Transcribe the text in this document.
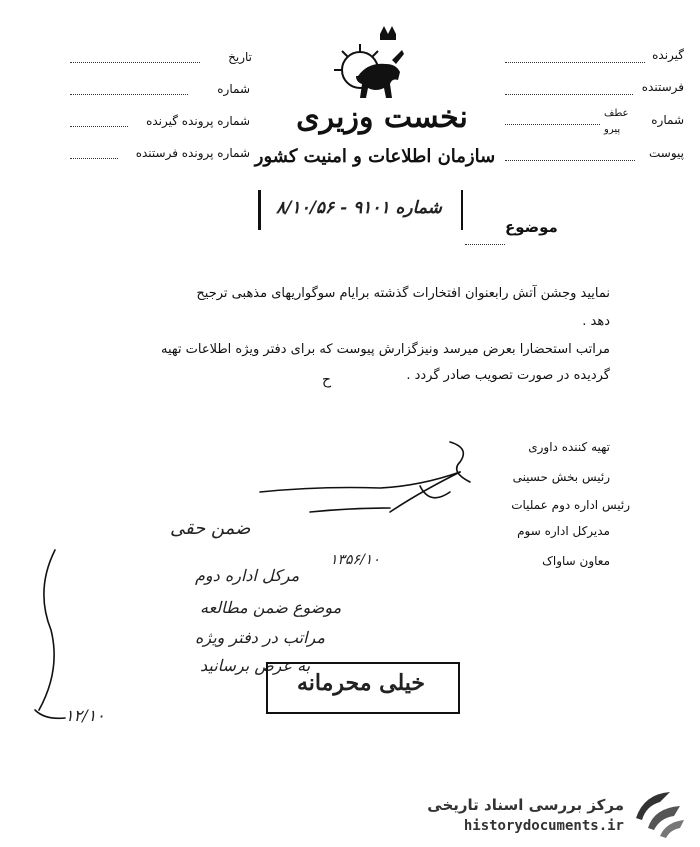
نخست وزیری
سازمان اطلاعات و امنیت کشور
گیرنده
فرستنده
شماره
عطف
پیرو
پیوست
تاریخ
شماره
شماره پرونده گیرنده
شماره پرونده فرستنده
شماره ۹۱۰۱ - ۸/۱۰/۵۶
موضوع
نمایید وجشن آتش رابعنوان افتخارات گذشته برایام سوگواریهای مذهبی ترجیح
دهد .
مراتب استحضارا بعرض میرسد ونیزگزارش پیوست که برای دفتر ویژه اطلاعات تهیه
گردیده در صورت تصویب صادر گردد .
تهیه کننده داوری
رئیس بخش حسینی
رئیس اداره دوم عملیات
مدیرکل اداره سوم
معاون ساواک
ح
ضمن حقی
مرکل اداره دوم
موضوع ضمن مطالعه
مراتب در دفتر ویژه
به عرض برسانید
۱۳۵۶/۱۰
۱۲/۱۰
خیلی محرمانه
مرکز بررسی اسناد تاریخی
historydocuments.ir
